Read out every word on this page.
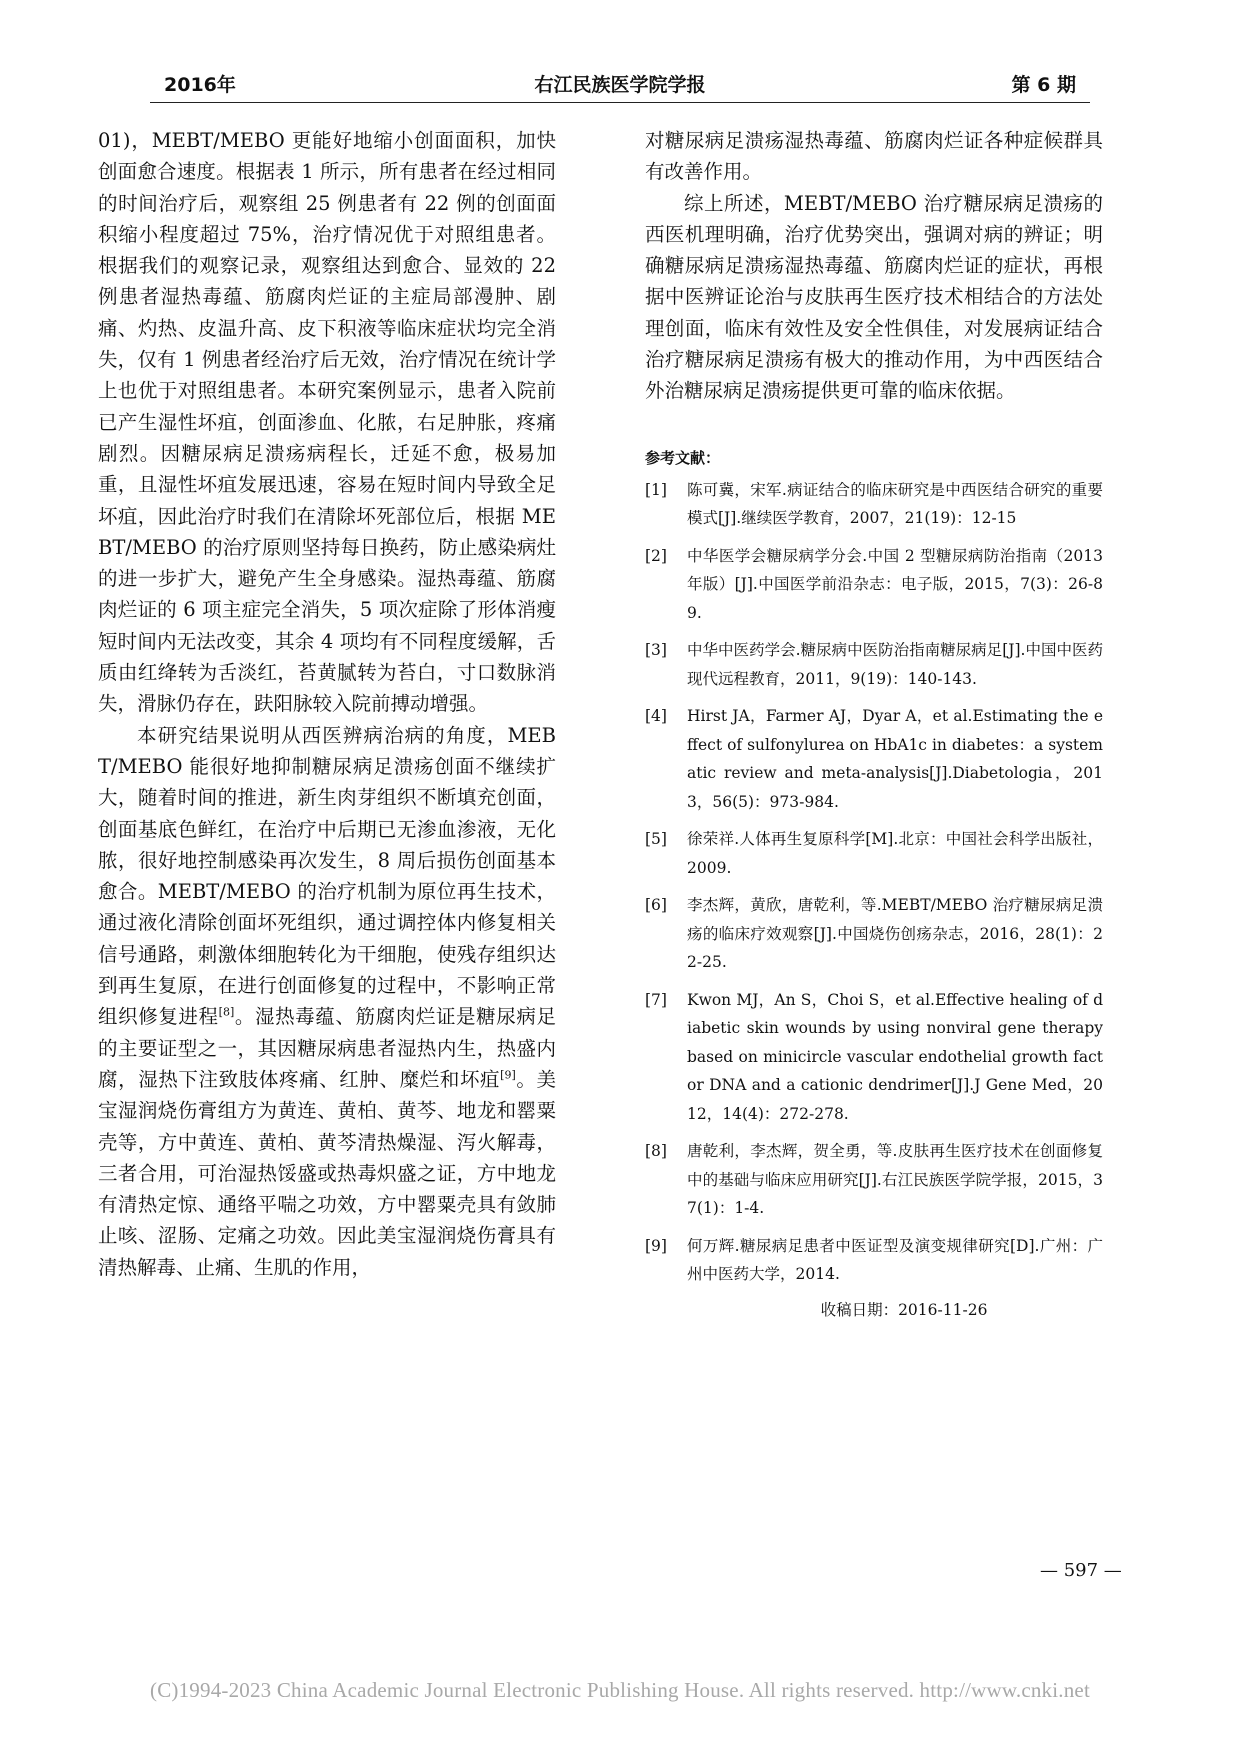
2016年	右江民族医学院学报	第 6 期

01)，MEBT/MEBO 更能好地缩小创面面积，加快创面愈合速度。根据表 1 所示，所有患者在经过相同的时间治疗后，观察组 25 例患者有 22 例的创面面积缩小程度超过 75%，治疗情况优于对照组患者。根据我们的观察记录，观察组达到愈合、显效的 22 例患者湿热毒蕴、筋腐肉烂证的主症局部漫肿、剧痛、灼热、皮温升高、皮下积液等临床症状均完全消失，仅有 1 例患者经治疗后无效，治疗情况在统计学上也优于对照组患者。本研究案例显示，患者入院前已产生湿性坏疽，创面渗血、化脓，右足肿胀，疼痛剧烈。因糖尿病足溃疡病程长，迁延不愈，极易加重，且湿性坏疽发展迅速，容易在短时间内导致全足坏疽，因此治疗时我们在清除坏死部位后，根据 MEBT/MEBO 的治疗原则坚持每日换药，防止感染病灶的进一步扩大，避免产生全身感染。湿热毒蕴、筋腐肉烂证的 6 项主症完全消失，5 项次症除了形体消瘦短时间内无法改变，其余 4 项均有不同程度缓解，舌质由红绛转为舌淡红，苔黄腻转为苔白，寸口数脉消失，滑脉仍存在，趺阳脉较入院前搏动增强。

本研究结果说明从西医辨病治病的角度，MEBT/MEBO 能很好地抑制糖尿病足溃疡创面不继续扩大，随着时间的推进，新生肉芽组织不断填充创面，创面基底色鲜红，在治疗中后期已无渗血渗液，无化脓，很好地控制感染再次发生，8 周后损伤创面基本愈合。MEBT/MEBO 的治疗机制为原位再生技术，通过液化清除创面坏死组织，通过调控体内修复相关信号通路，刺激体细胞转化为干细胞，使残存组织达到再生复原，在进行创面修复的过程中，不影响正常组织修复进程[8]。湿热毒蕴、筋腐肉烂证是糖尿病足的主要证型之一，其因糖尿病患者湿热内生，热盛内腐，湿热下注致肢体疼痛、红肿、糜烂和坏疽[9]。美宝湿润烧伤膏组方为黄连、黄柏、黄芩、地龙和罂粟壳等，方中黄连、黄柏、黄芩清热燥湿、泻火解毒，三者合用，可治湿热馁盛或热毒炽盛之证，方中地龙有清热定惊、通络平喘之功效，方中罂粟壳具有敛肺止咳、涩肠、定痛之功效。因此美宝湿润烧伤膏具有清热解毒、止痛、生肌的作用，

对糖尿病足溃疡湿热毒蕴、筋腐肉烂证各种症候群具有改善作用。

综上所述，MEBT/MEBO 治疗糖尿病足溃疡的西医机理明确，治疗优势突出，强调对病的辨证；明确糖尿病足溃疡湿热毒蕴、筋腐肉烂证的症状，再根据中医辨证论治与皮肤再生医疗技术相结合的方法处理创面，临床有效性及安全性俱佳，对发展病证结合治疗糖尿病足溃疡有极大的推动作用，为中西医结合外治糖尿病足溃疡提供更可靠的临床依据。

参考文献：

[1]	陈可冀，宋军.病证结合的临床研究是中西医结合研究的重要模式[J].继续医学教育，2007，21(19)：12-15
[2]	中华医学会糖尿病学分会.中国 2 型糖尿病防治指南（2013 年版）[J].中国医学前沿杂志：电子版，2015，7(3)：26-89.
[3]	中华中医药学会.糖尿病中医防治指南糖尿病足[J].中国中医药现代远程教育，2011，9(19)：140-143.
[4]	Hirst JA，Farmer AJ，Dyar A，et al.Estimating the effect of sulfonylurea on HbA1c in diabetes：a systematic review and meta-analysis[J].Diabetologia，2013，56(5)：973-984.
[5]	徐荣祥.人体再生复原科学[M].北京：中国社会科学出版社，2009.
[6]	李杰辉，黄欣，唐乾利，等.MEBT/MEBO 治疗糖尿病足溃疡的临床疗效观察[J].中国烧伤创疡杂志，2016，28(1)：22-25.
[7]	Kwon MJ，An S，Choi S，et al.Effective healing of diabetic skin wounds by using nonviral gene therapy based on minicircle vascular endothelial growth factor DNA and a cationic dendrimer[J].J Gene Med，2012，14(4)：272-278.
[8]	唐乾利，李杰辉，贺全勇，等.皮肤再生医疗技术在创面修复中的基础与临床应用研究[J].右江民族医学院学报，2015，37(1)：1-4.
[9]	何万辉.糖尿病足患者中医证型及演变规律研究[D].广州：广州中医药大学，2014.
收稿日期：2016-11-26
— 597 —
(C)1994-2023 China Academic Journal Electronic Publishing House. All rights reserved. http://www.cnki.net
